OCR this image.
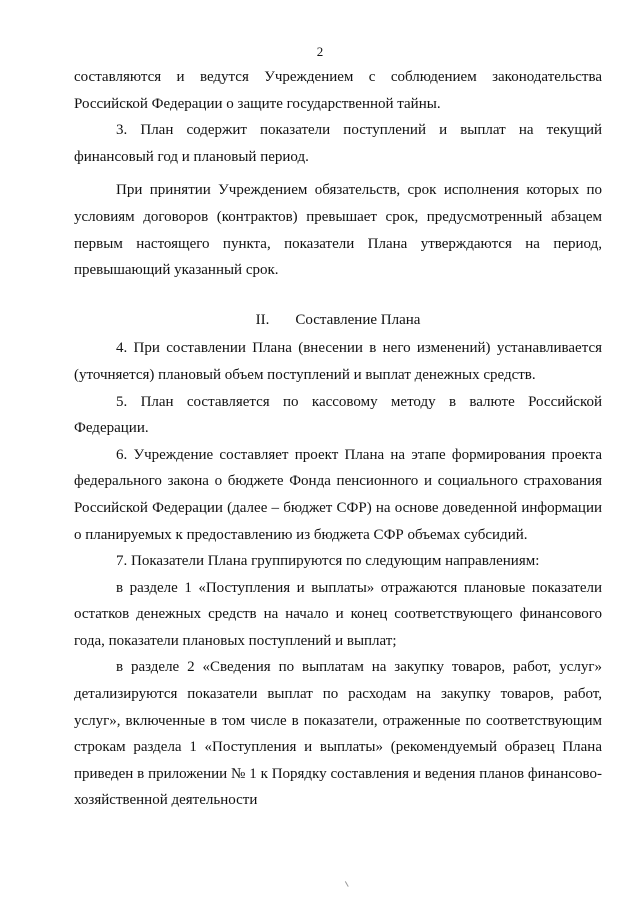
2

составляются и ведутся Учреждением с соблюдением законодательства Российской Федерации о защите государственной тайны.

3. План содержит показатели поступлений и выплат на текущий финансовый год и плановый период.

При принятии Учреждением обязательств, срок исполнения которых по условиям договоров (контрактов) превышает срок, предусмотренный абзацем первым настоящего пункта, показатели Плана утверждаются на период, превышающий указанный срок.

II. Составление Плана

4. При составлении Плана (внесении в него изменений) устанавливается (уточняется) плановый объем поступлений и выплат денежных средств.

5. План составляется по кассовому методу в валюте Российской Федерации.

6. Учреждение составляет проект Плана на этапе формирования проекта федерального закона о бюджете Фонда пенсионного и социального страхования Российской Федерации (далее – бюджет СФР) на основе доведенной информации о планируемых к предоставлению из бюджета СФР объемах субсидий.

7. Показатели Плана группируются по следующим направлениям:

в разделе 1 «Поступления и выплаты» отражаются плановые показатели остатков денежных средств на начало и конец соответствующего финансового года, показатели плановых поступлений и выплат;

в разделе 2 «Сведения по выплатам на закупку товаров, работ, услуг» детализируются показатели выплат по расходам на закупку товаров, работ, услуг», включенные в том числе в показатели, отраженные по соответствующим строкам раздела 1 «Поступления и выплаты» (рекомендуемый образец Плана приведен в приложении № 1 к Порядку составления и ведения планов финансово-хозяйственной деятельности
